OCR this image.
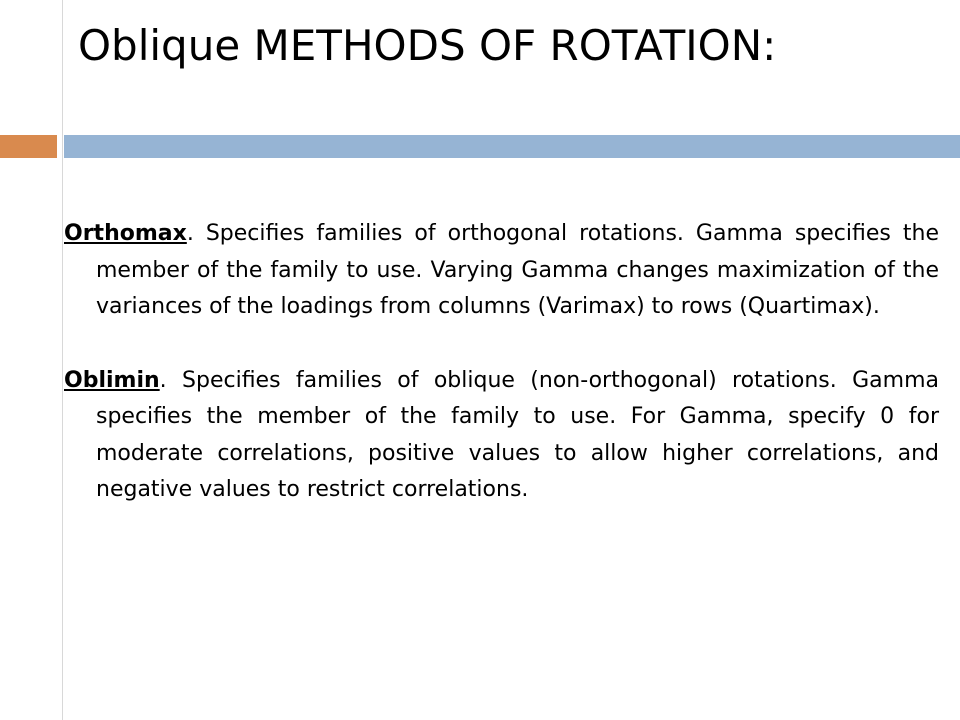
Oblique METHODS OF ROTATION:

Orthomax. Specifies families of orthogonal rotations. Gamma specifies the member of the family to use. Varying Gamma changes maximization of the variances of the loadings from columns (Varimax) to rows (Quartimax).

Oblimin. Specifies families of oblique (non-orthogonal) rotations. Gamma specifies the member of the family to use. For Gamma, specify 0 for moderate correlations, positive values to allow higher correlations, and negative values to restrict correlations.
